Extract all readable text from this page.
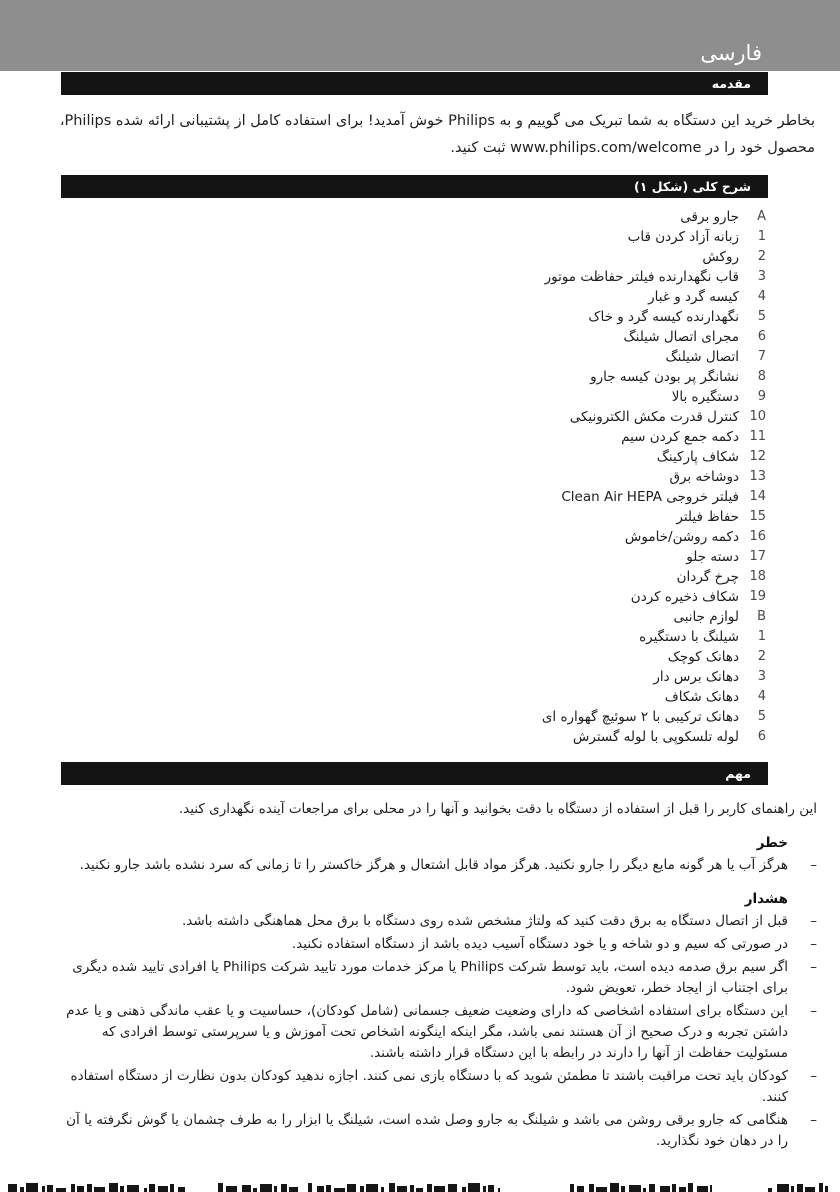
فارسی
مقدمه

بخاطر خرید این دستگاه به شما تبریک می گوییم و به Philips خوش آمدید! برای استفاده کامل از پشتیبانی ارائه شده Philips، محصول خود را در www.philips.com/welcome ثبت کنید.

شرح کلی (شکل ۱)
A
جارو برقی
1
زبانه آزاد کردن قاب
2
روکش
3
قاب نگهدارنده فیلتر حفاظت موتور
4
کیسه گرد و غبار
5
نگهدارنده کیسه گرد و خاک
6
مجرای اتصال شیلنگ
7
اتصال شیلنگ
8
نشانگر پر بودن کیسه جارو
9
دستگیره بالا
10
کنترل قدرت مکش الکترونیکی
11
دکمه جمع کردن سیم
12
شکاف پارکینگ
13
دوشاخه برق
14
فیلتر خروجی Clean Air HEPA
15
حفاظ فیلتر
16
دکمه روشن/خاموش
17
دسته جلو
18
چرخ گردان
19
شکاف ذخیره کردن
B
لوازم جانبی
1
شیلنگ با دستگیره
2
دهانک کوچک
3
دهانک برس دار
4
دهانک شکاف
5
دهانک ترکیبی با ۲ سوئیچ گهواره ای
6
لوله تلسکوپی با لوله گسترش
مهم

این راهنمای کاربر را قبل از استفاده از دستگاه با دقت بخوانید و آنها را در محلی برای مراجعات آینده نگهداری کنید.

خطر
–
هرگز آب یا هر گونه مایع دیگر را جارو نکنید. هرگز مواد قابل اشتعال و هرگز خاکستر را تا زمانی که سرد نشده باشد جارو نکنید.
هشدار
–
قبل از اتصال دستگاه به برق دقت کنید که ولتاژ مشخص شده روی دستگاه با برق محل هماهنگی داشته باشد.
–
در صورتی که سیم و دو شاخه و یا خود دستگاه آسیب دیده باشد از دستگاه استفاده نکنید.
–
اگر سیم برق صدمه دیده است، باید توسط شرکت Philips یا مرکز خدمات مورد تایید شرکت Philips یا افرادی تایید شده دیگری برای اجتناب از ایجاد خطر، تعویض شود.
–
این دستگاه برای استفاده اشخاصی که دارای وضعیت ضعیف جسمانی (شامل کودکان)، حساسیت و یا عقب ماندگی ذهنی و یا عدم داشتن تجربه و درک صحیح از آن هستند نمی باشد، مگر اینکه اینگونه اشخاص تحت آموزش و یا سرپرستی توسط افرادی که مسئولیت حفاظت از آنها را دارند در رابطه با این دستگاه قرار داشته باشند.
–
کودکان باید تحت مراقبت باشند تا مطمئن شوید که با دستگاه بازی نمی کنند. اجازه ندهید کودکان بدون نظارت از دستگاه استفاده کنند.
–
هنگامی که جارو برقی روشن می باشد و شیلنگ به جارو وصل شده است، شیلنگ یا ابزار را به طرف چشمان یا گوش نگرفته یا آن را در دهان خود نگذارید.
